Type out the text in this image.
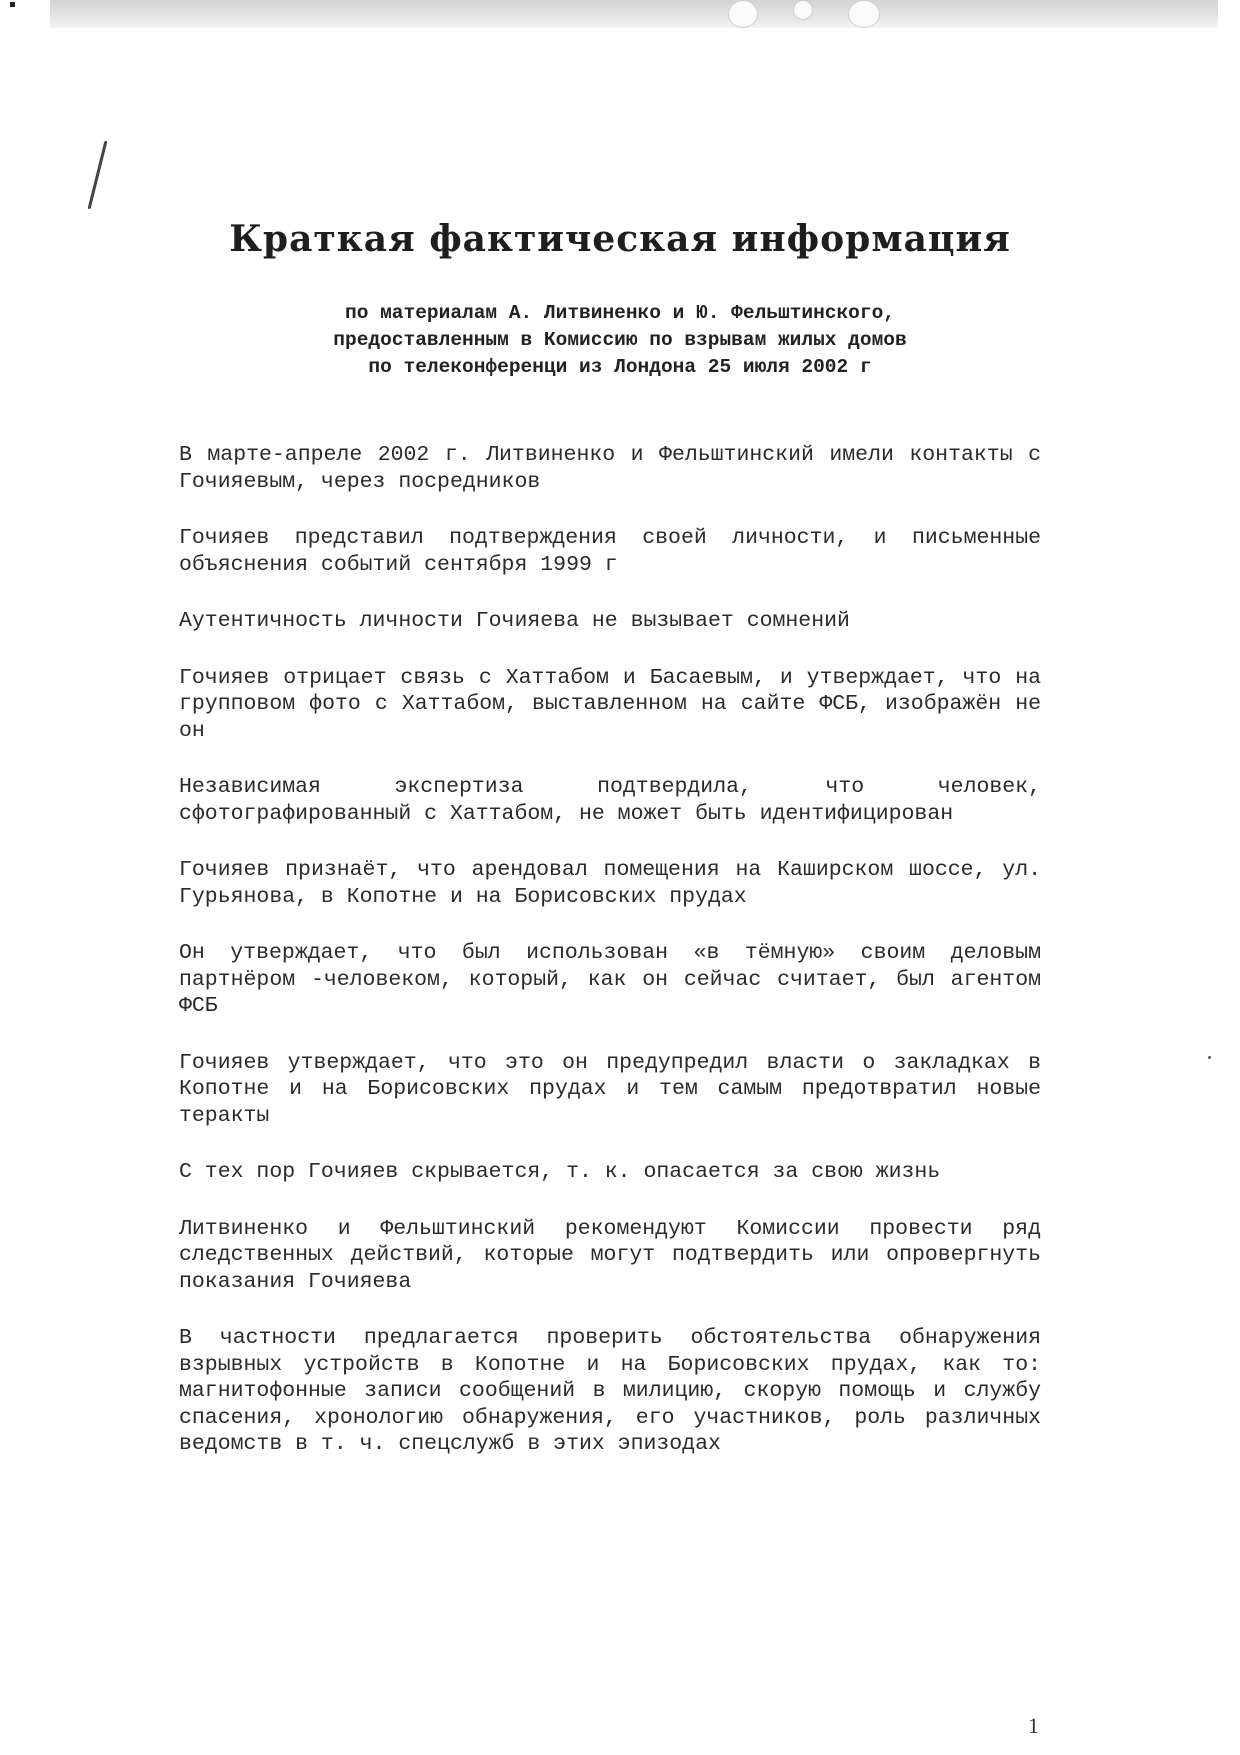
Краткая фактическая информация
по материалам А. Литвиненко и Ю. Фельштинского,
предоставленным в Комиссию по взрывам жилых домов
по телеконференци из Лондона 25 июля 2002 г

В марте-апреле 2002 г. Литвиненко и Фельштинский имели контакты с Гочияевым, через посредников

Гочияев представил подтверждения своей личности, и письменные объяснения событий сентября 1999 г

Аутентичность личности Гочияева не вызывает сомнений

Гочияев отрицает связь с Хаттабом и Басаевым, и утверждает, что на групповом фото с Хаттабом, выставленном на сайте ФСБ, изображён не он

Независимая экспертиза подтвердила, что человек, сфотографированный с Хаттабом, не может быть идентифицирован

Гочияев признаёт, что арендовал помещения на Каширском шоссе, ул. Гурьянова, в Копотне и на Борисовских прудах

Он утверждает, что был использован «в тёмную» своим деловым партнёром -человеком, который, как он сейчас считает, был агентом ФСБ

Гочияев утверждает, что это он предупредил власти о закладках в Копотне и на Борисовских прудах и тем самым предотвратил новые теракты

С тех пор Гочияев скрывается, т. к. опасается за свою жизнь

Литвиненко и Фельштинский рекомендуют Комиссии провести ряд следственных действий, которые могут подтвердить или опровергнуть показания Гочияева

В частности предлагается проверить обстоятельства обнаружения взрывных устройств в Копотне и на Борисовских прудах, как то: магнитофонные записи сообщений в милицию, скорую помощь и службу спасения, хронологию обнаружения, его участников, роль различных ведомств в т. ч. спецслужб в этих эпизодах

1
